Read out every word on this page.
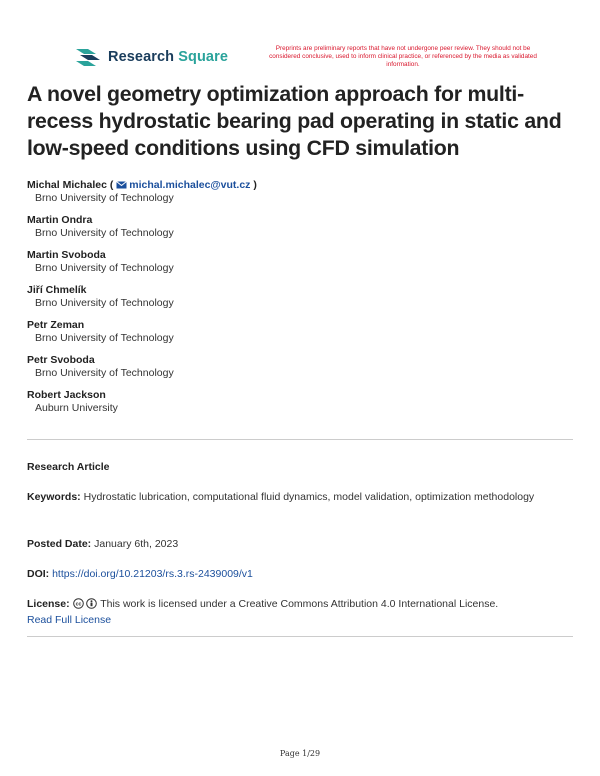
Research Square
Preprints are preliminary reports that have not undergone peer review. They should not be considered conclusive, used to inform clinical practice, or referenced by the media as validated information.
A novel geometry optimization approach for multi-recess hydrostatic bearing pad operating in static and low-speed conditions using CFD simulation
Michal Michalec ( michal.michalec@vut.cz )
Brno University of Technology
Martin Ondra
Brno University of Technology
Martin Svoboda
Brno University of Technology
Jiří Chmelík
Brno University of Technology
Petr Zeman
Brno University of Technology
Petr Svoboda
Brno University of Technology
Robert Jackson
Auburn University
Research Article
Keywords: Hydrostatic lubrication, computational fluid dynamics, model validation, optimization methodology
Posted Date: January 6th, 2023
DOI: https://doi.org/10.21203/rs.3.rs-2439009/v1
License: cc This work is licensed under a Creative Commons Attribution 4.0 International License.
Read Full License
Page 1/29
